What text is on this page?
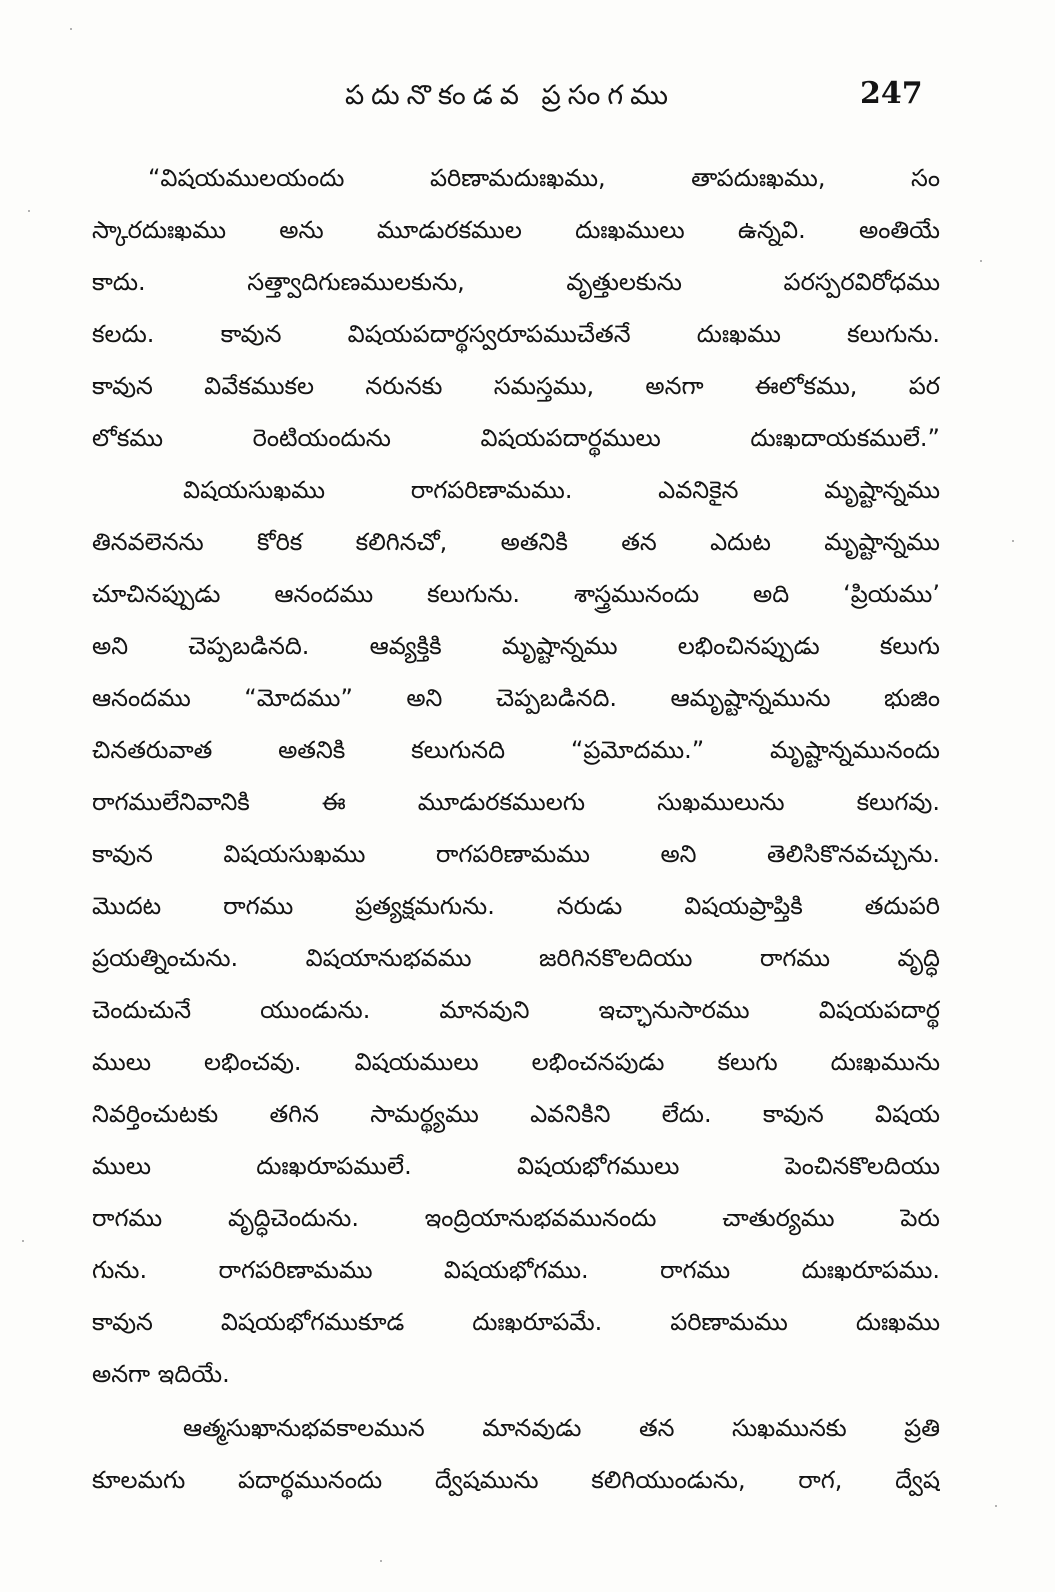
పదునొకండవ ప్రసంగము	247
“విషయములయందు పరిణామదుఃఖము, తాపదుఃఖము, సం
స్కారదుఃఖము అను మూడురకముల దుఃఖములు ఉన్నవి. అంతియే
కాదు. సత్త్వాదిగుణములకును, వృత్తులకును పరస్పరవిరోధము
కలదు. కావున విషయపదార్థస్వరూపముచేతనే దుఃఖము కలుగును.
కావున వివేకముకల నరునకు సమస్తము, అనగా ఈలోకము, పర
లోకము రెంటియందును విషయపదార్థములు దుఃఖదాయకములే.”
విషయసుఖము రాగపరిణామము. ఎవనికైన మృష్టాన్నము
తినవలెనను కోరిక కలిగినచో, అతనికి తన ఎదుట మృష్టాన్నము
చూచినప్పుడు ఆనందము కలుగును. శాస్త్రమునందు అది ‘ప్రియము’
అని చెప్పబడినది. ఆవ్యక్తికి మృష్టాన్నము లభించినప్పుడు కలుగు
ఆనందము “మోదము” అని చెప్పబడినది. ఆమృష్టాన్నమును భుజిం
చినతరువాత అతనికి కలుగునది “ప్రమోదము.” మృష్టాన్నమునందు
రాగములేనివానికి ఈ మూడురకములగు సుఖములును కలుగవు.
కావున విషయసుఖము రాగపరిణామము అని తెలిసికొనవచ్చును.
మొదట రాగము ప్రత్యక్షమగును. నరుడు విషయప్రాప్తికి తదుపరి
ప్రయత్నించును. విషయానుభవము జరిగినకొలదియు రాగము వృద్ధి
చెందుచునే యుండును. మానవుని ఇచ్ఛానుసారము విషయపదార్థ
ములు లభించవు. విషయములు లభించనపుడు కలుగు దుఃఖమును
నివర్తించుటకు తగిన సామర్థ్యము ఎవనికిని లేదు. కావున విషయ
ములు దుఃఖరూపములే. విషయభోగములు పెంచినకొలదియు
రాగము వృద్ధిచెందును. ఇంద్రియానుభవమునందు చాతుర్యము పెరు
గును. రాగపరిణామము విషయభోగము. రాగము దుఃఖరూపము.
కావున విషయభోగముకూడ దుఃఖరూపమే. పరిణామము దుఃఖము
అనగా ఇదియే.
ఆత్మసుఖానుభవకాలమున మానవుడు తన సుఖమునకు ప్రతి
కూలమగు పదార్థమునందు ద్వేషమును కలిగియుండును, రాగ, ద్వేష
